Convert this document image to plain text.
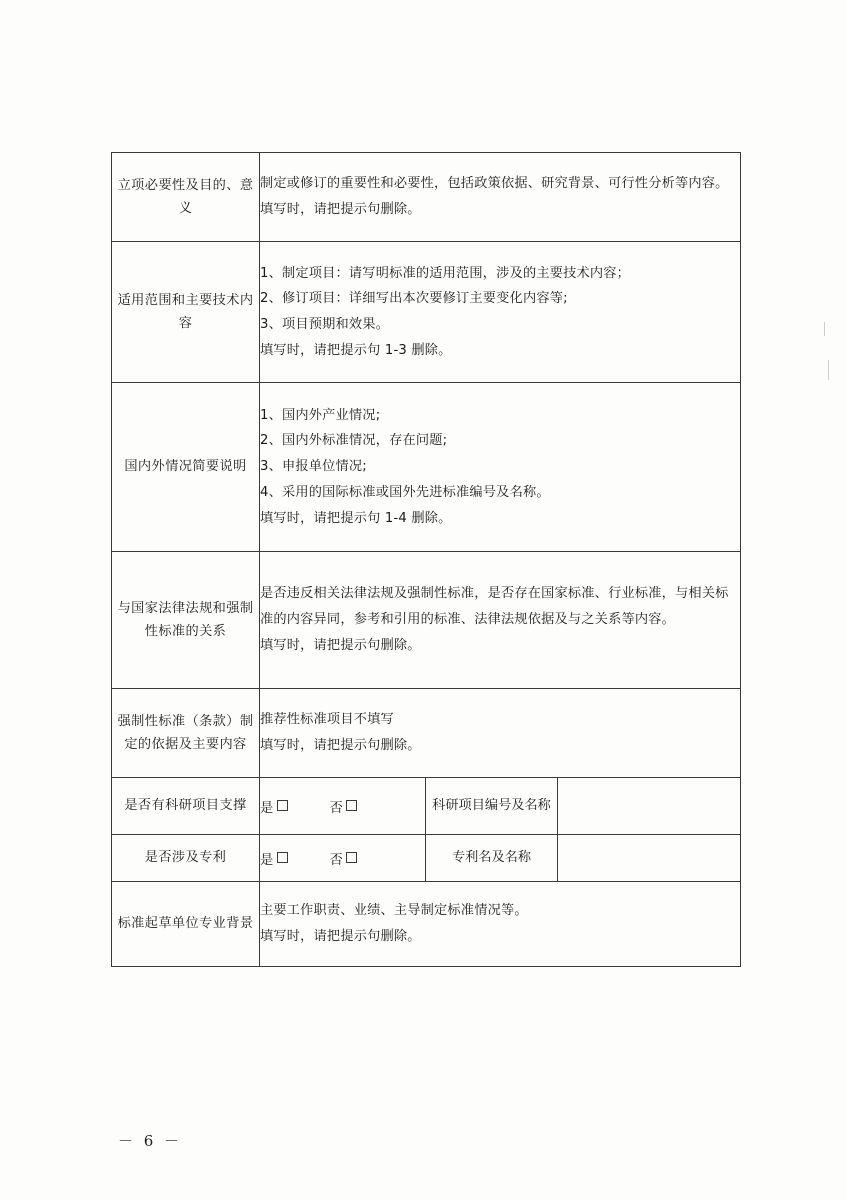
立项必要性及目的、意义	制定或修订的重要性和必要性，包括政策依据、研究背景、可行性分析等内容。

填写时，请把提示句删除。		

适用范围和主要技术内容	1、制定项目：请写明标准的适用范围，涉及的主要技术内容；

2、修订项目：详细写出本次要修订主要变化内容等;

3、项目预期和效果。

填写时，请把提示句 1-3 删除。		

国内外情况简要说明	1、国内外产业情况;

2、国内外标准情况，存在问题;

3、申报单位情况;

4、采用的国际标准或国外先进标准编号及名称。

填写时，请把提示句 1-4 删除。		

与国家法律法规和强制性标准的关系	是否违反相关法律法规及强制性标准，是否存在国家标准、行业标准，与相关标准的内容异同，参考和引用的标准、法律法规依据及与之关系等内容。

填写时，请把提示句删除。		

强制性标准（条款）制定的依据及主要内容	推荐性标准项目不填写

填写时，请把提示句删除。		

是否有科研项目支撑	是 否	科研项目编号及名称	
是否涉及专利	是 否	专利名及名称	
标准起草单位专业背景	主要工作职责、业绩、主导制定标准情况等。

填写时，请把提示句删除。		

－ 6 －
